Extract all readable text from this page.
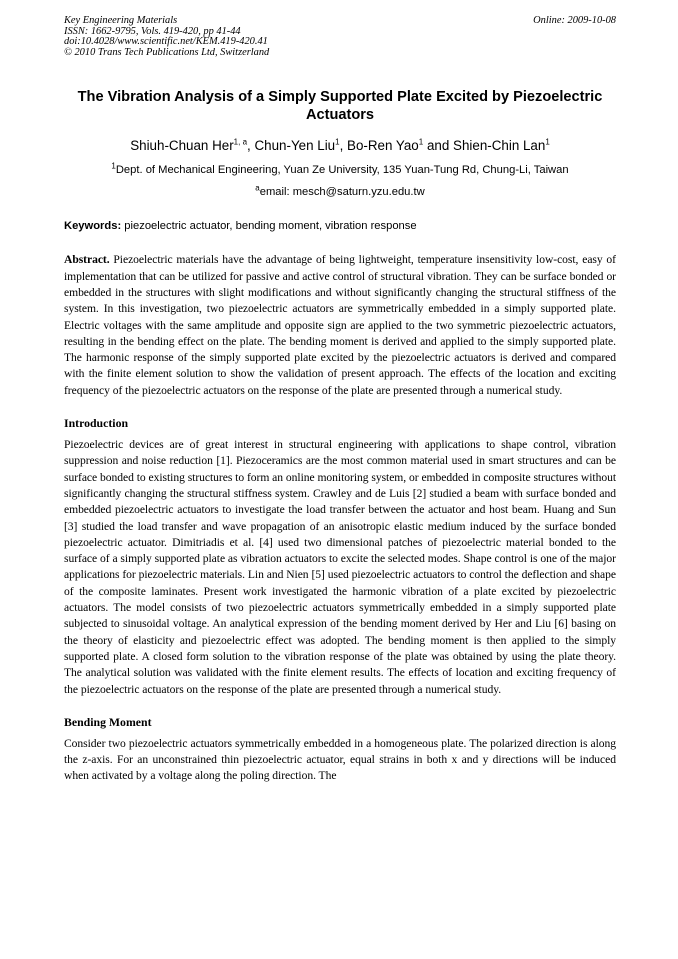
Key Engineering Materials
ISSN: 1662-9795, Vols. 419-420, pp 41-44
doi:10.4028/www.scientific.net/KEM.419-420.41
© 2010 Trans Tech Publications Ltd, Switzerland
Online: 2009-10-08
The Vibration Analysis of a Simply Supported Plate Excited by Piezoelectric Actuators
Shiuh-Chuan Her$^{1, a}$, Chun-Yen Liu$^1$, Bo-Ren Yao$^1$ and Shien-Chin Lan$^1$
$^1$Dept. of Mechanical Engineering, Yuan Ze University, 135 Yuan-Tung Rd, Chung-Li, Taiwan
$^a$email: mesch@saturn.yzu.edu.tw
Keywords: piezoelectric actuator, bending moment, vibration response

Abstract. Piezoelectric materials have the advantage of being lightweight, temperature insensitivity low-cost, easy of implementation that can be utilized for passive and active control of structural vibration. They can be surface bonded or embedded in the structures with slight modifications and without significantly changing the structural stiffness of the system. In this investigation, two piezoelectric actuators are symmetrically embedded in a simply supported plate. Electric voltages with the same amplitude and opposite sign are applied to the two symmetric piezoelectric actuators, resulting in the bending effect on the plate. The bending moment is derived and applied to the simply supported plate. The harmonic response of the simply supported plate excited by the piezoelectric actuators is derived and compared with the finite element solution to show the validation of present approach. The effects of the location and exciting frequency of the piezoelectric actuators on the response of the plate are presented through a numerical study.

Introduction

Piezoelectric devices are of great interest in structural engineering with applications to shape control, vibration suppression and noise reduction [1]. Piezoceramics are the most common material used in smart structures and can be surface bonded to existing structures to form an online monitoring system, or embedded in composite structures without significantly changing the structural stiffness system. Crawley and de Luis [2] studied a beam with surface bonded and embedded piezoelectric actuators to investigate the load transfer between the actuator and host beam. Huang and Sun [3] studied the load transfer and wave propagation of an anisotropic elastic medium induced by the surface bonded piezoelectric actuator. Dimitriadis et al. [4] used two dimensional patches of piezoelectric material bonded to the surface of a simply supported plate as vibration actuators to excite the selected modes. Shape control is one of the major applications for piezoelectric materials. Lin and Nien [5] used piezoelectric actuators to control the deflection and shape of the composite laminates. Present work investigated the harmonic vibration of a plate excited by piezoelectric actuators. The model consists of two piezoelectric actuators symmetrically embedded in a simply supported plate subjected to sinusoidal voltage. An analytical expression of the bending moment derived by Her and Liu [6] basing on the theory of elasticity and piezoelectric effect was adopted. The bending moment is then applied to the simply supported plate. A closed form solution to the vibration response of the plate was obtained by using the plate theory. The analytical solution was validated with the finite element results. The effects of location and exciting frequency of the piezoelectric actuators on the response of the plate are presented through a numerical study.

Bending Moment

Consider two piezoelectric actuators symmetrically embedded in a homogeneous plate. The polarized direction is along the z-axis. For an unconstrained thin piezoelectric actuator, equal strains in both x and y directions will be induced when activated by a voltage along the poling direction. The
